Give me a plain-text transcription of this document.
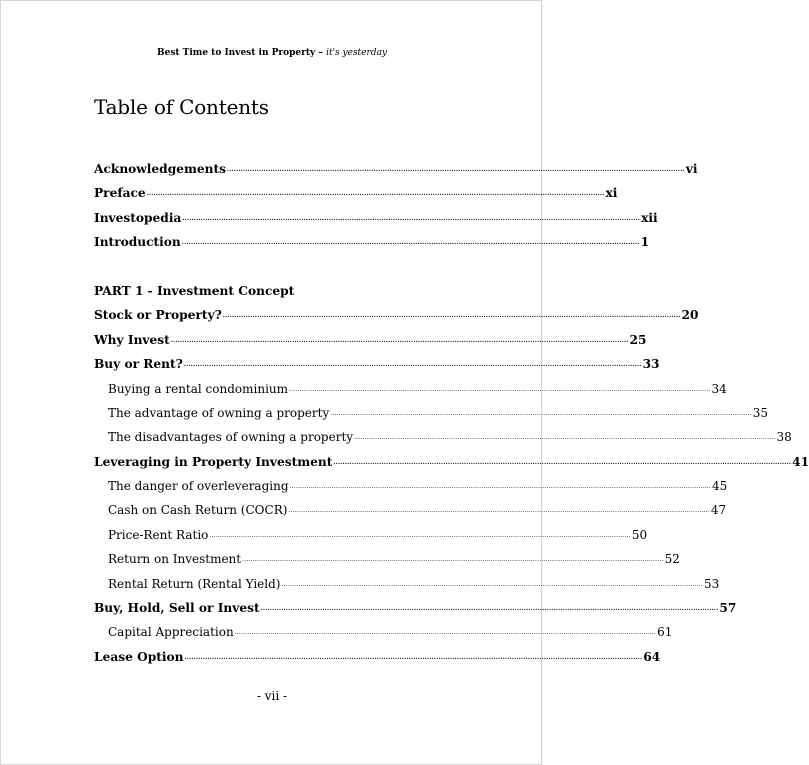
Best Time to Invest in Property – it's yesterday
Table of Contents
Acknowledgements ........................................................................................................................................................................................................ vi
Preface ........................................................................................................................................................................................................ xi
Investopedia ........................................................................................................................................................................................................ xii
Introduction ........................................................................................................................................................................................................ 1
PART 1 - Investment Concept
Stock or Property? ........................................................................................................................................................................................................ 20
Why Invest ........................................................................................................................................................................................................ 25
Buy or Rent? ........................................................................................................................................................................................................ 33
Buying a rental condominium ........................................................................................................................................................................................................ 34
The advantage of owning a property ........................................................................................................................................................................................................ 35
The disadvantages of owning a property ........................................................................................................................................................................................................ 38
Leveraging in Property Investment ........................................................................................................................................................................................................ 41
The danger of overleveraging ........................................................................................................................................................................................................ 45
Cash on Cash Return (COCR) ........................................................................................................................................................................................................ 47
Price-Rent Ratio ........................................................................................................................................................................................................ 50
Return on Investment ........................................................................................................................................................................................................ 52
Rental Return (Rental Yield) ........................................................................................................................................................................................................ 53
Buy, Hold, Sell or Invest ........................................................................................................................................................................................................ 57
Capital Appreciation ........................................................................................................................................................................................................ 61
Lease Option ........................................................................................................................................................................................................ 64
- vii -
